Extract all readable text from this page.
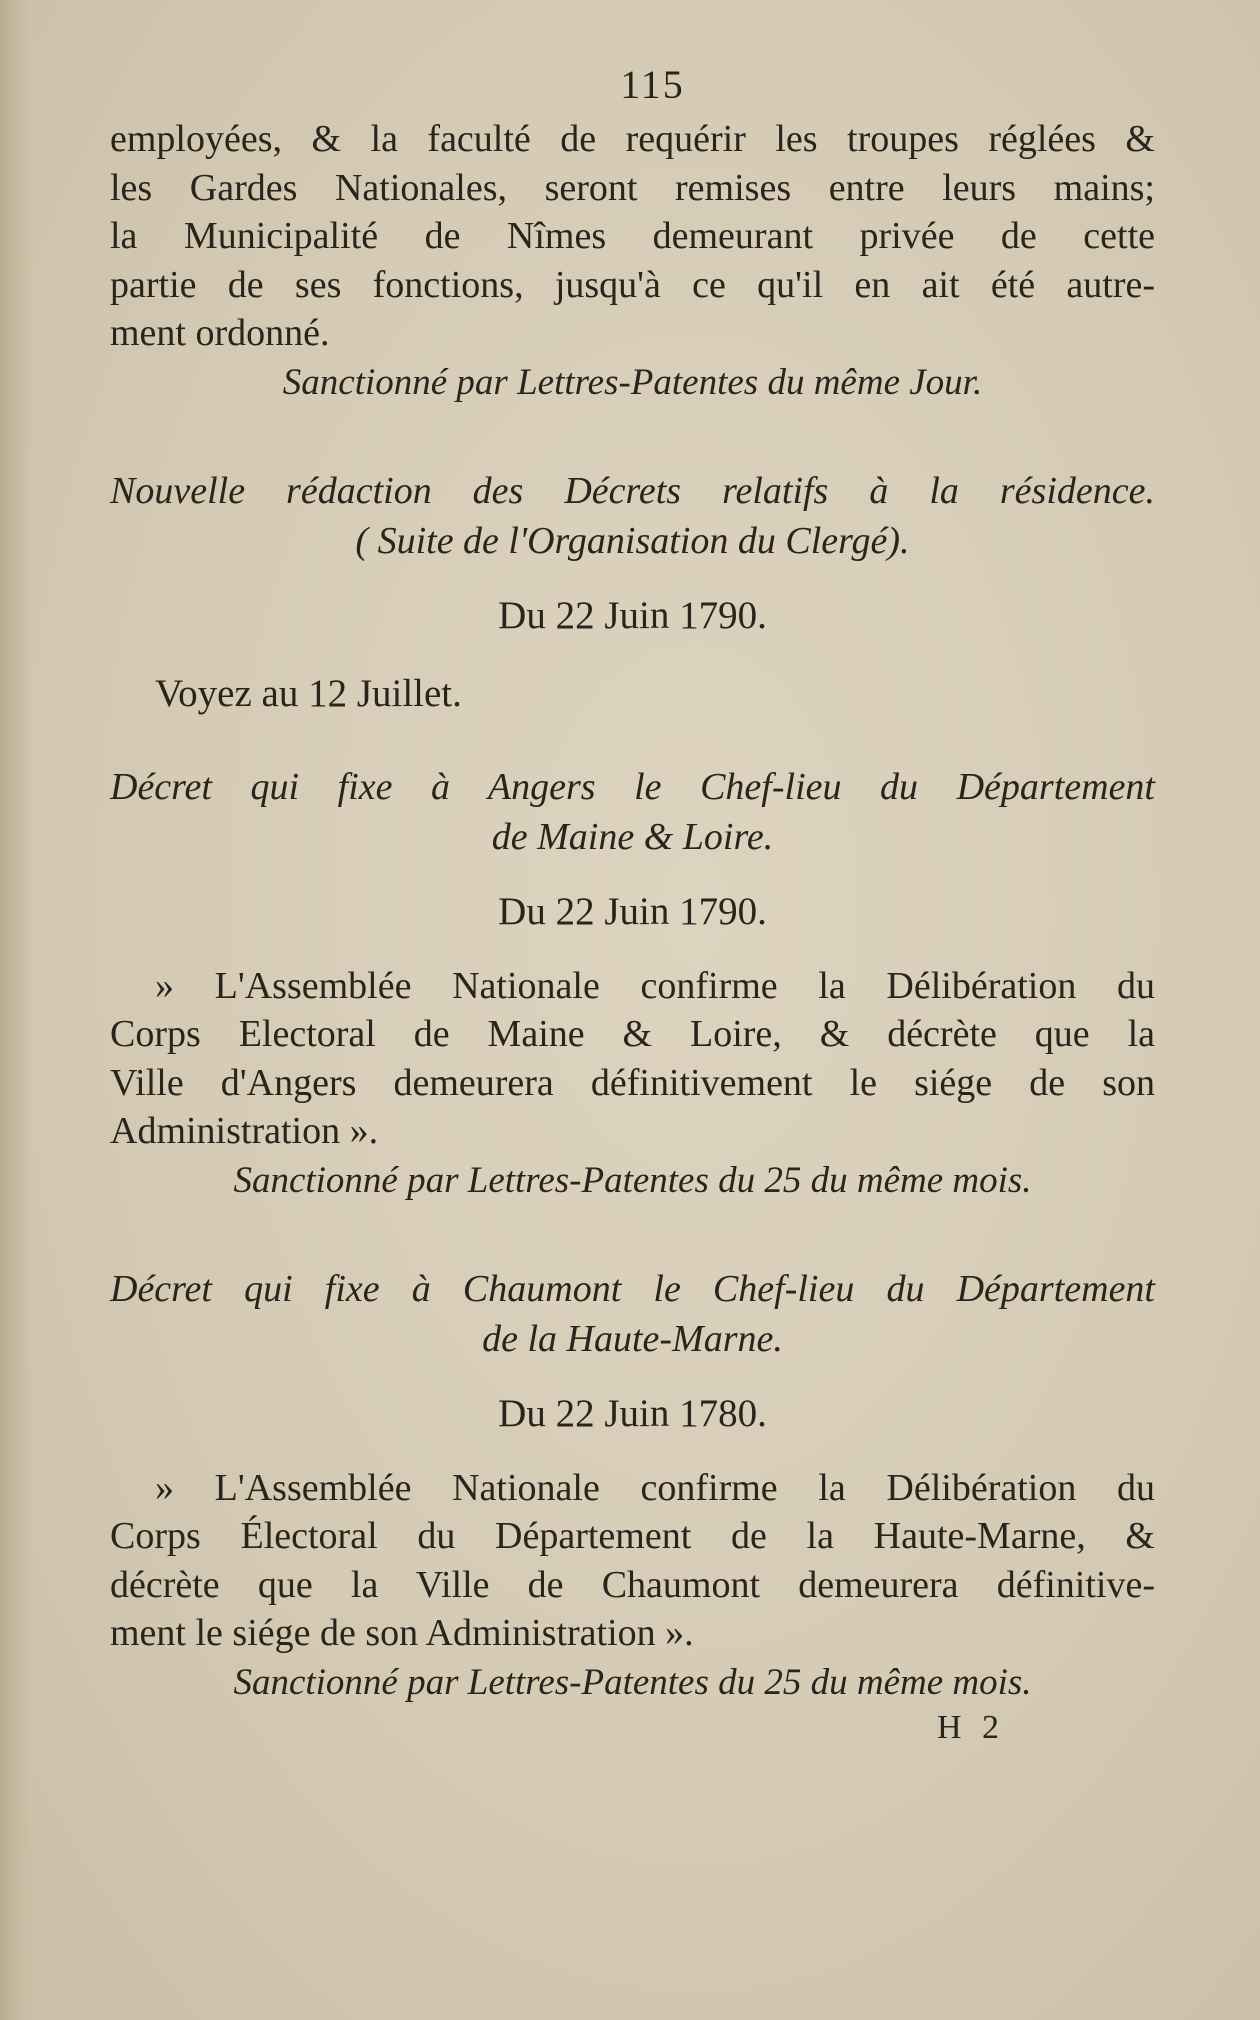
115

employées, & la faculté de requérir les troupes réglées &
les Gardes Nationales, seront remises entre leurs mains;
la Municipalité de Nîmes demeurant privée de cette
partie de ses fonctions, jusqu'à ce qu'il en ait été autre-
ment ordonné.

Sanctionné par Lettres-Patentes du même Jour.
Nouvelle rédaction des Décrets relatifs à la résidence.
( Suite de l'Organisation du Clergé).
Du 22 Juin 1790.
Voyez au 12 Juillet.
Décret qui fixe à Angers le Chef-lieu du Département
de Maine & Loire.
Du 22 Juin 1790.

» L'Assemblée Nationale confirme la Délibération du
Corps Electoral de Maine & Loire, & décrète que la
Ville d'Angers demeurera définitivement le siége de son
Administration ».

Sanctionné par Lettres-Patentes du 25 du même mois.
Décret qui fixe à Chaumont le Chef-lieu du Département
de la Haute-Marne.
Du 22 Juin 1780.

» L'Assemblée Nationale confirme la Délibération du
Corps Électoral du Département de la Haute-Marne, &
décrète que la Ville de Chaumont demeurera définitive-
ment le siége de son Administration ».

Sanctionné par Lettres-Patentes du 25 du même mois.
H 2
